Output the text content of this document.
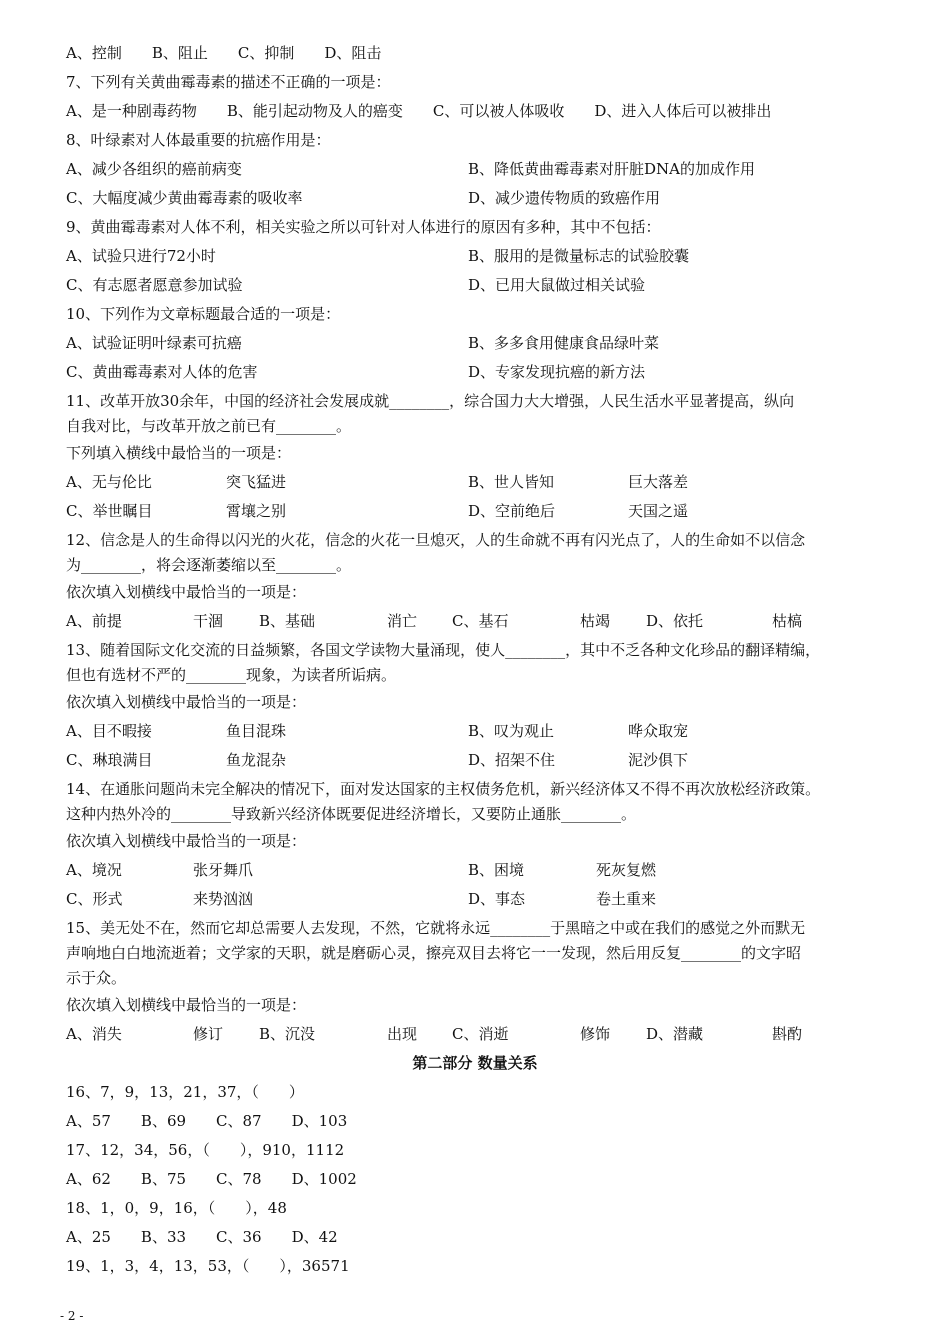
A、控制　　B、阻止　　C、抑制　　D、阻击
7、下列有关黄曲霉毒素的描述不正确的一项是：
A、是一种剧毒药物　　B、能引起动物及人的癌变　　C、可以被人体吸收　　D、进入人体后可以被排出
8、叶绿素对人体最重要的抗癌作用是：
A、减少各组织的癌前病变	B、降低黄曲霉毒素对肝脏DNA的加成作用
C、大幅度减少黄曲霉毒素的吸收率	D、减少遗传物质的致癌作用
9、黄曲霉毒素对人体不利，相关实验之所以可针对人体进行的原因有多种，其中不包括：
A、试验只进行72小时	B、服用的是微量标志的试验胶囊
C、有志愿者愿意参加试验	D、已用大鼠做过相关试验
10、下列作为文章标题最合适的一项是：
A、试验证明叶绿素可抗癌	B、多多食用健康食品绿叶菜
C、黄曲霉毒素对人体的危害	D、专家发现抗癌的新方法
11、改革开放30余年，中国的经济社会发展成就________，综合国力大大增强，人民生活水平显著提高，纵向
自我对比，与改革开放之前已有________。
下列填入横线中最恰当的一项是：
A、无与伦比	突飞猛进	B、世人皆知	巨大落差
C、举世瞩目	霄壤之别	D、空前绝后	天国之遥
12、信念是人的生命得以闪光的火花，信念的火花一旦熄灭，人的生命就不再有闪光点了，人的生命如不以信念
为________，将会逐渐萎缩以至________。
依次填入划横线中最恰当的一项是：
A、前提	干涸 B、基础	消亡 C、基石	枯竭 D、依托	枯槁
13、随着国际文化交流的日益频繁，各国文学读物大量涌现，使人________，其中不乏各种文化珍品的翻译精编，
但也有选材不严的________现象，为读者所诟病。
依次填入划横线中最恰当的一项是：
A、目不暇接	鱼目混珠	B、叹为观止	哗众取宠
C、琳琅满目	鱼龙混杂	D、招架不住	泥沙俱下
14、在通胀问题尚未完全解决的情况下，面对发达国家的主权债务危机，新兴经济体又不得不再次放松经济政策。
这种内热外冷的________导致新兴经济体既要促进经济增长，又要防止通胀________。
依次填入划横线中最恰当的一项是：
A、境况	张牙舞爪	B、困境	死灰复燃
C、形式	来势汹汹	D、事态	卷土重来
15、美无处不在，然而它却总需要人去发现，不然，它就将永远________于黑暗之中或在我们的感觉之外而默无
声响地白白地流逝着；文学家的天职，就是磨砺心灵，擦亮双目去将它一一发现，然后用反复________的文字昭
示于众。
依次填入划横线中最恰当的一项是：
A、消失	修订 B、沉没	出现 C、消逝	修饰 D、潜藏	斟酌
第二部分 数量关系
16、7，9，13，21，37，（　　）
A、57　　B、69　　C、87　　D、103
17、12，34，56，（　　），910，1112
A、62　　B、75　　C、78　　D、1002
18、1，0，9，16，（　　），48
A、25　　B、33　　C、36　　D、42
19、1，3，4，13，53，（　　），36571
- 2 -
